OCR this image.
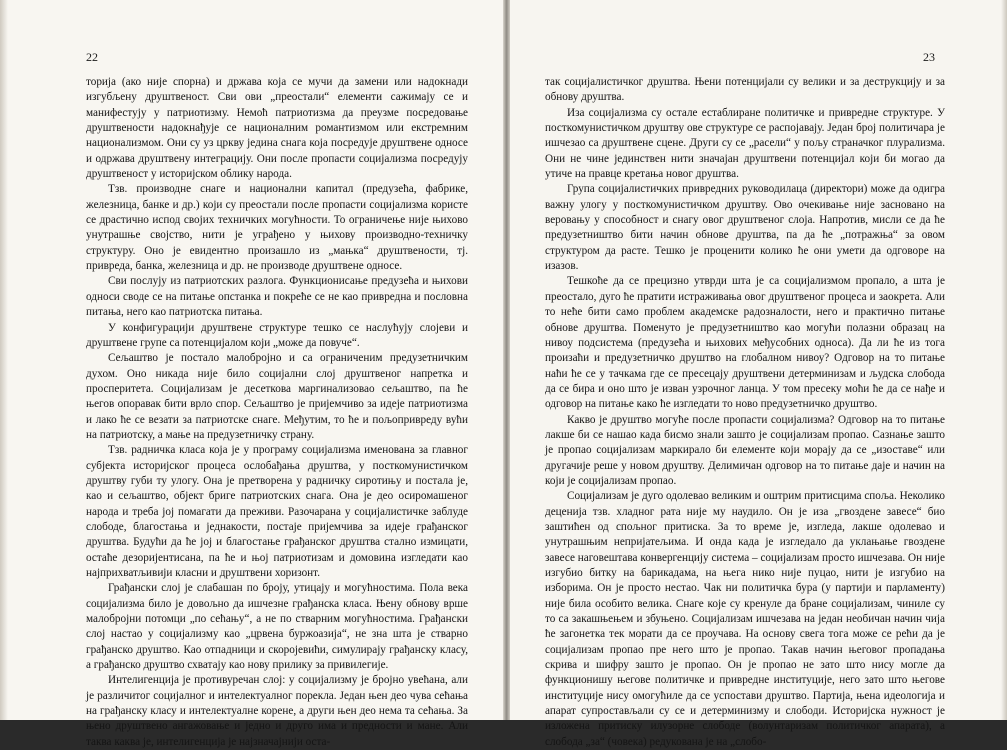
22

торија (ако није спорна) и држава која се мучи да замени или надокнади изгубљену друштвеност. Сви ови „преостали“ елементи сажимају се и манифестују у патриотизму. Немоћ патриотизма да преузме посредовање друштвености надокнађује се националним романтизмом или екстремним национализмом. Они су уз цркву једина снага која посредује друштвене односе и одржава друштвену интеграцију. Они после пропасти социјализма посредују друштвеност у историјском облику народа.

Тзв. производне снаге и национални капитал (предузећа, фабрике, железница, банке и др.) који су преостали после пропасти социјализма користе се драстично испод својих техничких могућности. То ограничење није њихово унутрашње својство, нити је уграђено у њихову производно-техничку структуру. Оно је евидентно произашло из „мањка“ друштвености, тј. привреда, банка, железница и др. не производе друштвене односе.

Сви послују из патриотских разлога. Функционисање предузећа и њихови односи своде се на питање опстанка и покреће се не као привредна и пословна питања, него као патриотска питања.

У конфигурацији друштвене структуре тешко се наслућују слојеви и друштвене групе са потенцијалом који „може да повуче“.

Сељаштво је постало малобројно и са ограниченим предузетничким духом. Оно никада није било социјални слој друштвеног напретка и просперитета. Социјализам је десеткова маргинализовао сељаштво, па ће његов опоравак бити врло спор. Сељаштво је пријемчиво за идеје патриотизма и лако ће се везати за патриотске снаге. Међутим, то ће и пољопривреду вући на патриотску, а мање на предузетничку страну.

Тзв. радничка класа која је у програму социјализма именована за главног субјекта историјског процеса ослобађања друштва, у посткомунистичком друштву губи ту улогу. Она је претворена у радничку сиротињу и постала је, као и сељаштво, објект бриге патриотских снага. Она је део осиромашеног народа и треба јој помагати да преживи. Разочарана у социјалистичке заблуде слободе, благостања и једнакости, постаје пријемчива за идеје грађанског друштва. Будући да ће јој и благостање грађанског друштва стално измицати, остаће дезоријентисана, па ће и њој патриотизам и домовина изгледати као најприхватљивији класни и друштвени хоризонт.

Грађански слој је слабашан по броју, утицају и могућностима. Пола века социјализма било је довољно да ишчезне грађанска класа. Њену обнову врше малобројни потомци „по сећању“, а не по стварним могућностима. Грађански слој настао у социјализму као „црвена буржоазија“, не зна шта је стварно грађанско друштво. Као отпадници и скоројевићи, симулирају грађанску класу, а грађанско друштво схватају као нову прилику за привилегије.

Интелигенција је противуречан слој: у социјализму је бројно увећана, али је различитог социјалног и интелектуалног порекла. Један њен део чува сећања на грађанску класу и интелектуалне корене, а други њен део нема та сећања. За њено друштвено ангажовање и једно и друго има и предности и мане. Али таква каква је, интелигенција је најзначајнији оста-

23

так социјалистичког друштва. Њени потенцијали су велики и за деструкцију и за обнову друштва.

Иза социјализма су остале естаблиране политичке и привредне структуре. У посткомунистичком друштву ове структуре се распојавају. Један број политичара је ишчезао са друштвене сцене. Други су се „расели“ у пољу страначког плурализма. Они не чине јединствен нити значајан друштвени потенцијал који би могао да утиче на правце кретања новог друштва.

Група социјалистичких привредних руководилаца (директори) може да одигра важну улогу у посткомунистичком друштву. Ово очекивање није засновано на веровању у способност и снагу овог друштвеног слоја. Напротив, мисли се да ће предузетништво бити начин обнове друштва, па да ће „потражња“ за овом структуром да расте. Тешко је проценити колико ће они умети да одговоре на изазов.

Тешкоће да се прецизно утврди шта је са социјализмом пропало, а шта је преостало, дуго ће пратити истраживања овог друштвеног процеса и заокрета. Али то неће бити само проблем академске радозналости, него и практично питање обнове друштва. Поменуто је предузетништво као могући полазни образац на нивоу подсистема (предузећа и њихових међусобних односа). Да ли ће из тога произаћи и предузетничко друштво на глобалном нивоу? Одговор на то питање наћи ће се у тачкама где се пресецају друштвени детерминизам и људска слобода да се бира и оно што је изван узрочног ланца. У том пресеку моћи ће да се нађе и одговор на питање како ће изгледати то ново предузетничко друштво.

Какво је друштво могуће после пропасти социјализма? Одговор на то питање лакше би се нашао када бисмо знали зашто је социјализам пропао. Сазнање зашто је пропао социјализам маркирало би елементе који морају да се „изоставе“ или другачије реше у новом друштву. Делимичан одговор на то питање даје и начин на који је социјализам пропао.

Социјализам је дуго одолевао великим и оштрим притисцима споља. Неколико деценија тзв. хладног рата није му наудило. Он је иза „гвоздене завесе“ био заштићен од спољног притиска. За то време је, изгледа, лакше одолевао и унутрашњим непријатељима. И онда када је изгледало да уклањање гвоздене завесе наговештава конвергенцију система – социјализам просто ишчезава. Он није изгубио битку на барикадама, на њега нико није пуцао, нити је изгубио на изборима. Он је просто нестао. Чак ни политичка бура (у партији и парламенту) није била особито велика. Снаге које су кренуле да бране социјализам, чиниле су то са закашњењем и збуњено. Социјализам ишчезава на један необичан начин чија ће загонетка тек морати да се проучава. На основу свега тога може се рећи да је социјализам пропао пре него што је пропао. Такав начин његовог пропадања скрива и шифру зашто је пропао. Он је пропао не зато што нису могле да функционишу његове политичке и привредне институције, него зато што његове институције нису омогућиле да се успостави друштво. Партија, њена идеологија и апарат супростављали су се и детерминизму и слободи. Историјска нужност је изложена притиску илузорне слободе (волунтаризам политичког апарата), а слобода „за“ (човека) редукована је на „слобо-
